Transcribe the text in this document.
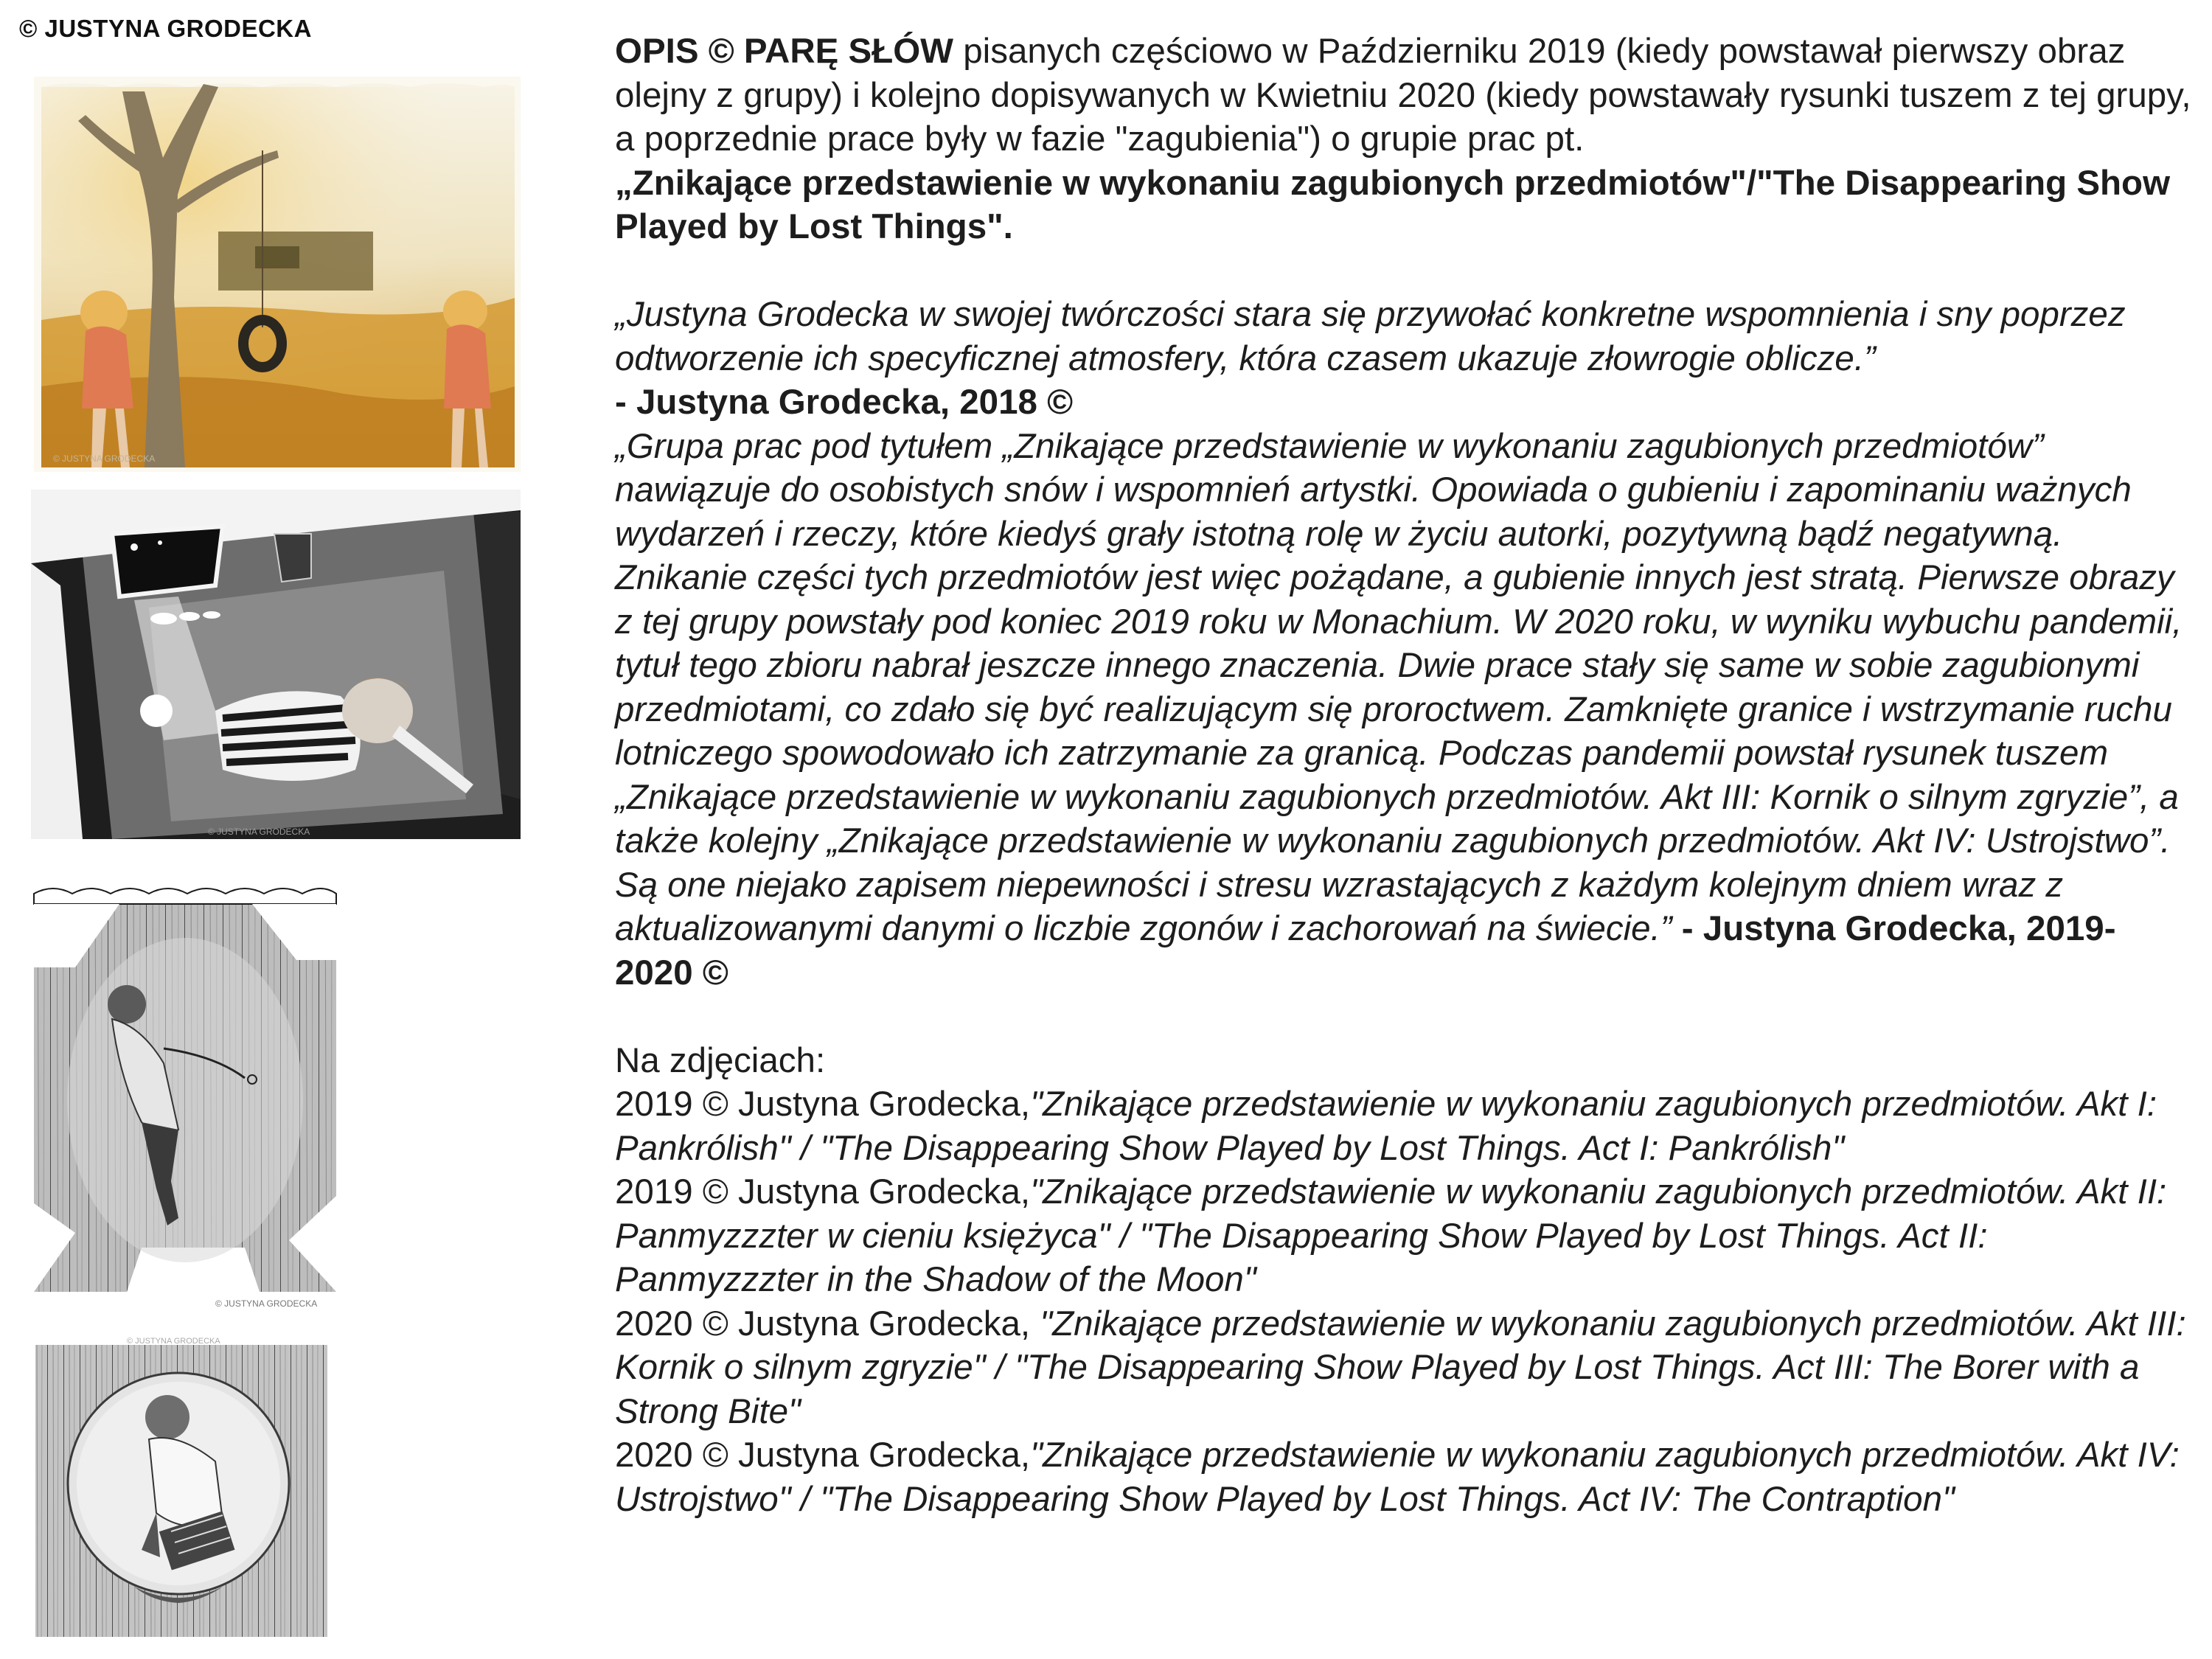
© JUSTYNA GRODECKA
© JUSTYNA GRODECKA
© JUSTYNA GRODECKA
© JUSTYNA GRODECKA
© JUSTYNA GRODECKA

OPIS © PARĘ SŁÓW pisanych częściowo w Październiku 2019 (kiedy powstawał pierwszy obraz olejny z grupy) i kolejno dopisywanych w Kwietniu 2020 (kiedy powstawały rysunki tuszem z tej grupy, a poprzednie prace były w fazie "zagubienia") o grupie prac pt.
„Znikające przedstawienie w wykonaniu zagubionych przedmiotów"/"The Disappearing Show Played by Lost Things".

„Justyna Grodecka w swojej twórczości stara się przywołać konkretne wspomnienia i sny poprzez odtworzenie ich specyficznej atmosfery, która czasem ukazuje złowrogie oblicze.”
- Justyna Grodecka, 2018 ©
„Grupa prac pod tytułem „Znikające przedstawienie w wykonaniu zagubionych przedmiotów” nawiązuje do osobistych snów i wspomnień artystki. Opowiada o gubieniu i zapominaniu ważnych wydarzeń i rzeczy, które kiedyś grały istotną rolę w życiu autorki, pozytywną bądź negatywną. Znikanie części tych przedmiotów jest więc pożądane, a gubienie innych jest stratą. Pierwsze obrazy z tej grupy powstały pod koniec 2019 roku w Monachium. W 2020 roku, w wyniku wybuchu pandemii, tytuł tego zbioru nabrał jeszcze innego znaczenia. Dwie prace stały się same w sobie zagubionymi przedmiotami, co zdało się być realizującym się proroctwem. Zamknięte granice i wstrzymanie ruchu lotniczego spowodowało ich zatrzymanie za granicą. Podczas pandemii powstał rysunek tuszem „Znikające przedstawienie w wykonaniu zagubionych przedmiotów. Akt III: Kornik o silnym zgryzie”, a także kolejny „Znikające przedstawienie w wykonaniu zagubionych przedmiotów. Akt IV: Ustrojstwo”. Są one niejako zapisem niepewności i stresu wzrastających z każdym kolejnym dniem wraz z aktualizowanymi danymi o liczbie zgonów i zachorowań na świecie.” - Justyna Grodecka, 2019-2020 ©

Na zdjęciach:
2019 © Justyna Grodecka,"Znikające przedstawienie w wykonaniu zagubionych przedmiotów. Akt I: Pankrólish" / "The Disappearing Show Played by Lost Things. Act I: Pankrólish"
2019 © Justyna Grodecka,"Znikające przedstawienie w wykonaniu zagubionych przedmiotów. Akt II: Panmyzzzter w cieniu księżyca" / "The Disappearing Show Played by Lost Things. Act II: Panmyzzzter in the Shadow of the Moon"
2020 © Justyna Grodecka, "Znikające przedstawienie w wykonaniu zagubionych przedmiotów. Akt III: Kornik o silnym zgryzie" / "The Disappearing Show Played by Lost Things. Act III: The Borer with a Strong Bite"
2020 © Justyna Grodecka,"Znikające przedstawienie w wykonaniu zagubionych przedmiotów. Akt IV: Ustrojstwo" / "The Disappearing Show Played by Lost Things. Act IV: The Contraption"
